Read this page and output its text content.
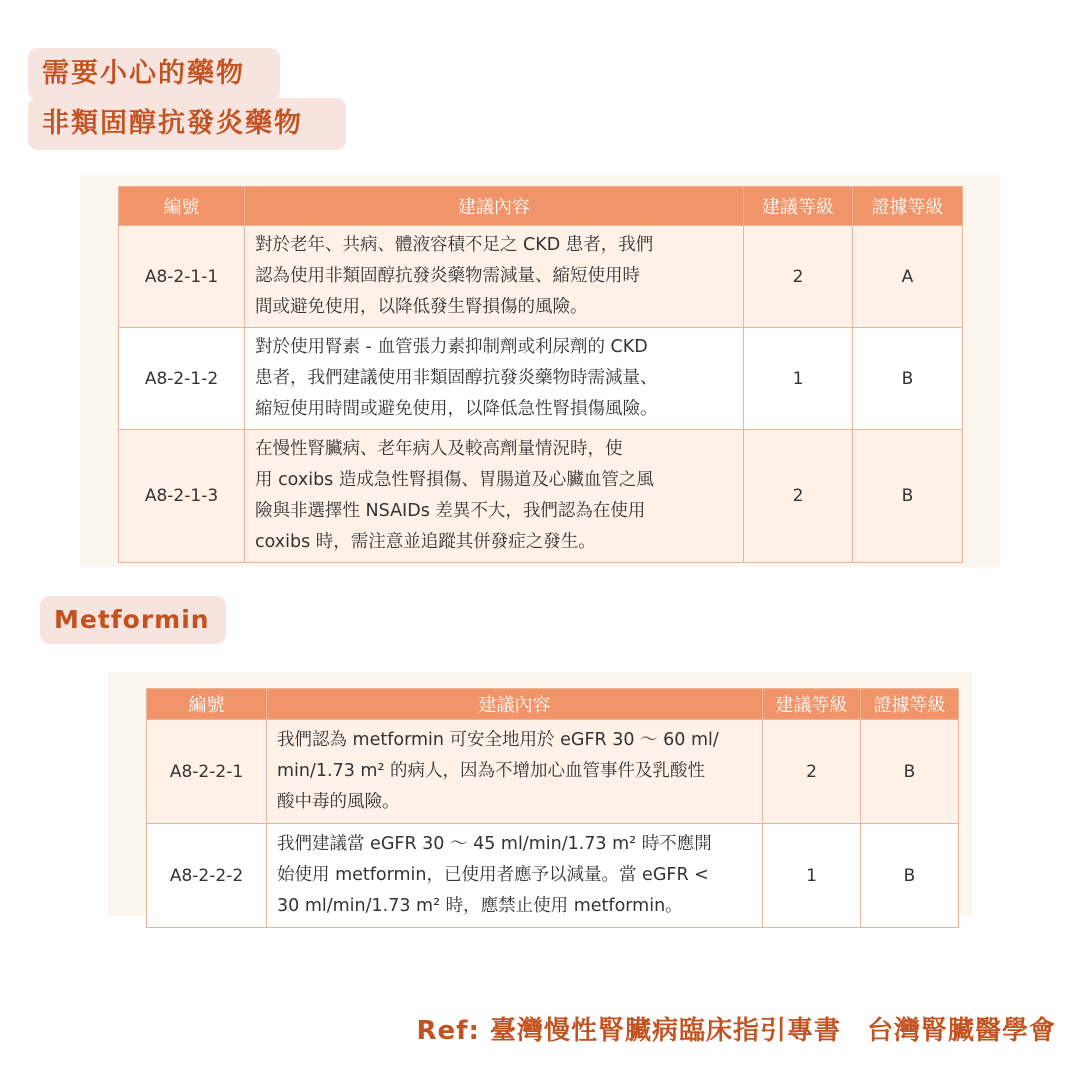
需要小心的藥物
非類固醇抗發炎藥物
編號	建議內容	建議等級	證據等級
A8-2-1-1	對於老年、共病、體液容積不足之 CKD 患者，我們
認為使用非類固醇抗發炎藥物需減量、縮短使用時
間或避免使用，以降低發生腎損傷的風險。	2	A
A8-2-1-2	對於使用腎素 - 血管張力素抑制劑或利尿劑的 CKD
患者，我們建議使用非類固醇抗發炎藥物時需減量、
縮短使用時間或避免使用，以降低急性腎損傷風險。	1	B
A8-2-1-3	在慢性腎臟病、老年病人及較高劑量情況時，使
用 coxibs 造成急性腎損傷、胃腸道及心臟血管之風
險與非選擇性 NSAIDs 差異不大，我們認為在使用
coxibs 時，需注意並追蹤其併發症之發生。	2	B
Metformin
編號	建議內容	建議等級	證據等級
A8-2-2-1	我們認為 metformin 可安全地用於 eGFR 30 ～ 60 ml/
min/1.73 m² 的病人，因為不增加心血管事件及乳酸性
酸中毒的風險。	2	B
A8-2-2-2	我們建議當 eGFR 30 ～ 45 ml/min/1.73 m² 時不應開
始使用 metformin，已使用者應予以減量。當 eGFR <
30 ml/min/1.73 m² 時，應禁止使用 metformin。	1	B
Ref: 臺灣慢性腎臟病臨床指引專書 台灣腎臟醫學會
